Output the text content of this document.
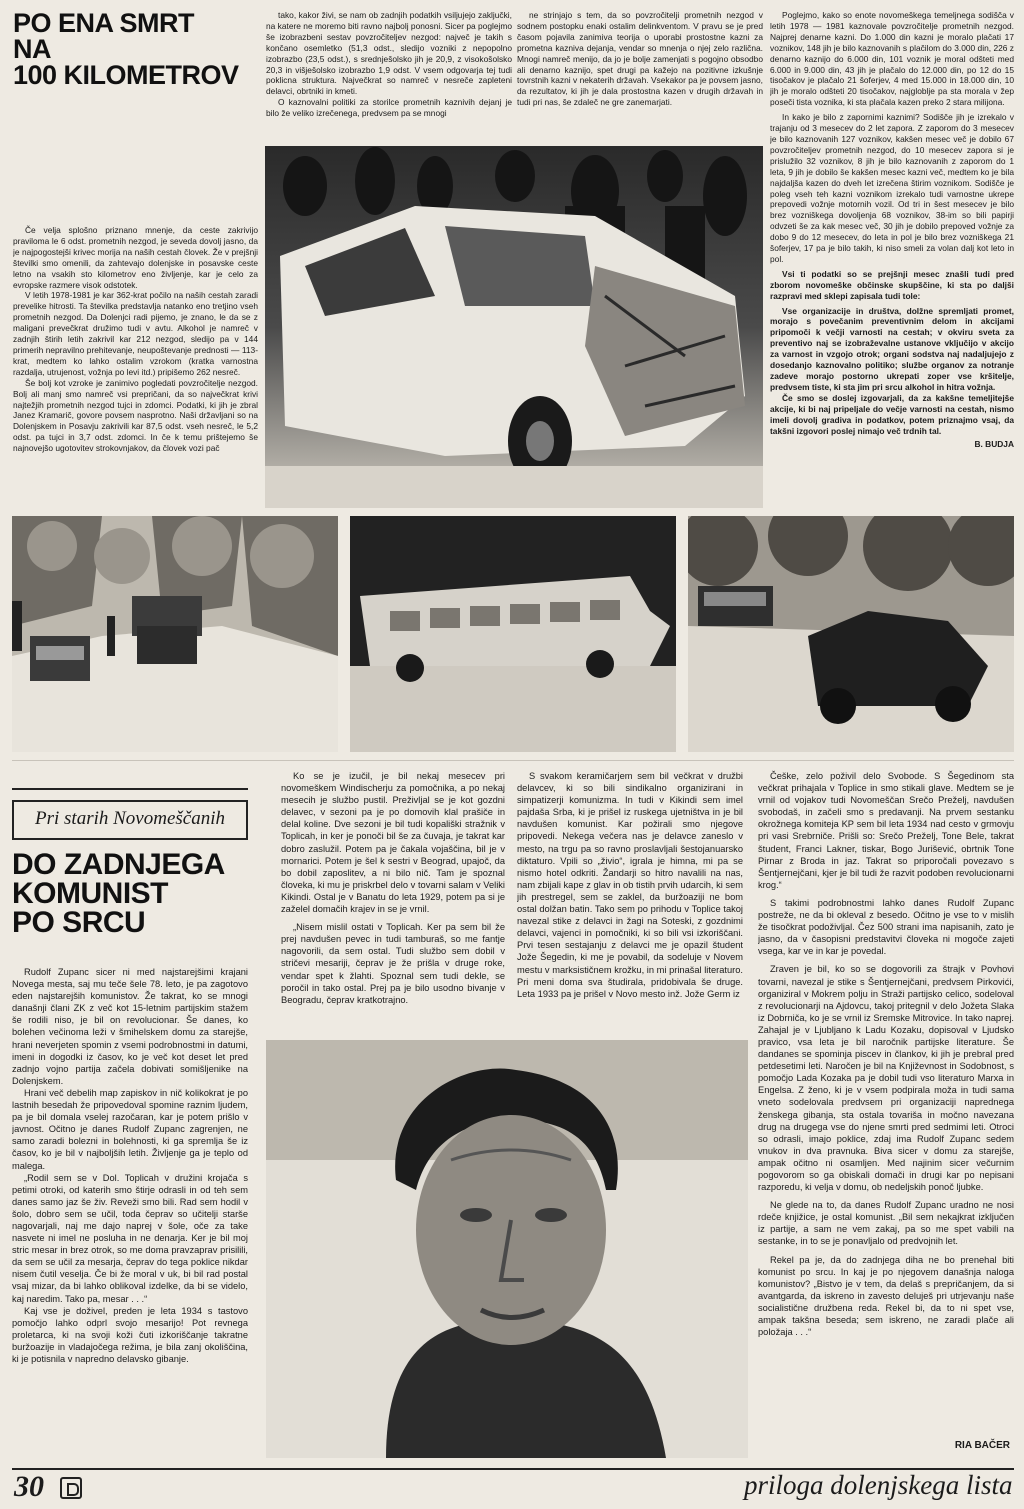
PO ENA SMRT
NA
100 KILOMETROV

tako, kakor živi, se nam ob zadnjih podatkih vsiljujejo zaključki, na katere ne moremo biti ravno najbolj ponosni. Sicer pa poglejmo še izobrazbeni sestav povzročiteljev nezgod: največ je takih s končano osemletko (51,3 odst., sledijo vozniki z nepopolno izobrazbo (23,5 odst.), s srednješolsko jih je 20,9, z visokošolsko 20,3 in višješolsko izobrazbo 1,9 odst. V vsem odgovarja tej tudi poklicna struktura. Največkrat so namreč v nesreče zapleteni delavci, obrtniki in kmeti.

O kaznovalni politiki za storilce prometnih kaznivih dejanj je bilo že veliko izrečenega, predvsem pa se mnogi

ne strinjajo s tem, da so povzročitelji prometnih nezgod v sodnem postopku enaki ostalim delinkventom. V pravu se je pred časom pojavila zanimiva teorija o uporabi prostostne kazni za prometna kazniva dejanja, vendar so mnenja o njej zelo različna. Mnogi namreč menijo, da jo je bolje zamenjati s pogojno obsodbo ali denarno kaznijo, spet drugi pa kažejo na pozitivne izkušnje tovrstnih kazni v nekaterih državah. Vsekakor pa je povsem jasno, da rezultatov, ki jih je dala prostostna kazen v drugih državah in tudi pri nas, še zdaleč ne gre zanemarjati.

Če velja splošno priznano mnenje, da ceste zakrivijo praviloma le 6 odst. prometnih nezgod, je seveda dovolj jasno, da je najpogostejši krivec morija na naših cestah človek. Že v prejšnji številki smo omenili, da zahtevajo dolenjske in posavske ceste letno na vsakih sto kilometrov eno življenje, kar je celo za evropske razmere visok odstotek.

V letih 1978-1981 je kar 362-krat počilo na naših cestah zaradi prevelike hitrosti. Ta številka predstavlja natanko eno tretjino vseh prometnih nezgod. Da Dolenjci radi pijemo, je znano, le da se z maligani prevečkrat družimo tudi v avtu. Alkohol je namreč v zadnjih štirih letih zakrivil kar 212 nezgod, sledijo pa v 144 primerih nepravilno prehitevanje, neupoštevanje prednosti — 113-krat, medtem ko lahko ostalim vzrokom (kratka varnostna razdalja, utrujenost, vožnja po levi itd.) pripišemo 262 nesreč.

Še bolj kot vzroke je zanimivo pogledati povzročitelje nezgod. Bolj ali manj smo namreč vsi prepričani, da so največkrat krivi najtežjih prometnih nezgod tujci in zdomci. Podatki, ki jih je zbral Janez Kramarič, govore povsem nasprotno. Naši državljani so na Dolenjskem in Posavju zakrivili kar 87,5 odst. vseh nesreč, le 5,2 odst. pa tujci in 3,7 odst. zdomci. In če k temu prištejemo še najnovejšo ugotovitev strokovnjakov, da človek vozi pač

Poglejmo, kako so enote novomeškega temeljnega sodišča v letih 1978 — 1981 kaznovale povzročitelje prometnih nezgod. Najprej denarne kazni. Do 1.000 din kazni je moralo plačati 17 voznikov, 148 jih je bilo kaznovanih s plačilom do 3.000 din, 226 z denarno kaznijo do 6.000 din, 101 voznik je moral odšteti med 6.000 in 9.000 din, 43 jih je plačalo do 12.000 din, po 12 do 15 tisočakov je plačalo 21 šoferjev, 4 med 15.000 in 18.000 din, 10 jih je moralo odšteti 20 tisočakov, najgloblje pa sta morala v žep poseči tista voznika, ki sta plačala kazen preko 2 stara milijona.

In kako je bilo z zapornimi kaznimi? Sodišče jih je izrekalo v trajanju od 3 mesecev do 2 let zapora. Z zaporom do 3 mesecev je bilo kaznovanih 127 voznikov, kakšen mesec več je dobilo 67 povzročiteljev prometnih nezgod, do 10 mesecev zapora si je prislužilo 32 voznikov, 8 jih je bilo kaznovanih z zaporom do 1 leta, 9 jih je dobilo še kakšen mesec kazni več, medtem ko je bila najdaljša kazen do dveh let izrečena štirim voznikom. Sodišče je poleg vseh teh kazni voznikom izrekalo tudi varnostne ukrepe prepovedi vožnje motornih vozil. Od tri in šest mesecev je bilo brez vozniškega dovoljenja 68 voznikov, 38-im so bili papirji odvzeti še za kak mesec več, 30 jih je dobilo prepoved vožnje za dobo 9 do 12 mesecev, do leta in pol je bilo brez vozniškega 21 šoferjev, 17 pa je bilo takih, ki niso smeli za volan dalj kot leto in pol.

Vsi ti podatki so se prejšnji mesec znašli tudi pred zborom novomeške občinske skupščine, ki sta po daljši razpravi med sklepi zapisala tudi tole:

Vse organizacije in društva, dolžne spremljati promet, morajo s povečanim preventivnim delom in akcijami pripomoči k večji varnosti na cestah; v okviru sveta za preventivo naj se izobraževalne ustanove vključijo v akcijo za varnost in vzgojo otrok; organi sodstva naj nadaljujejo z dosedanjo kaznovalno politiko; službe organov za notranje zadeve morajo postorno ukrepati zoper vse kršitelje, predvsem tiste, ki sta jim pri srcu alkohol in hitra vožnja.

Če smo se doslej izgovarjali, da za kakšne temeljitejše akcije, ki bi naj pripeljale do večje varnosti na cestah, nismo imeli dovolj gradiva in podatkov, potem priznajmo vsaj, da takšni izgovori poslej nimajo več trdnih tal.

B. BUDJA

Pri starih Novomeščanih
DO ZADNJEGA
KOMUNIST
PO SRCU

Rudolf Zupanc sicer ni med najstarejšimi krajani Novega mesta, saj mu teče šele 78. leto, je pa zagotovo eden najstarejših komunistov. Že takrat, ko se mnogi današnji člani ZK z več kot 15-letnim partijskim stažem še rodili niso, je bil on revolucionar. Še danes, ko bolehen večinoma leži v šmihelskem domu za starejše, hrani neverjeten spomin z vsemi podrobnostmi in datumi, imeni in dogodki iz časov, ko je več kot deset let pred zadnjo vojno partija začela dobivati somišljenike na Dolenjskem.

Hrani več debelih map zapiskov in nič kolikokrat je po lastnih besedah že pripovedoval spomine raznim ljudem, pa je bil domala vselej razočaran, kar je potem prišlo v javnost. Očitno je danes Rudolf Zupanc zagrenjen, ne samo zaradi bolezni in bolehnosti, ki ga spremlja še iz časov, ko je bil v najboljših letih. Življenje ga je teplo od malega.

„Rodil sem se v Dol. Toplicah v družini krojača s petimi otroki, od katerih smo štirje odrasli in od teh sem danes samo jaz še živ. Reveži smo bili. Rad sem hodil v šolo, dobro sem se učil, toda čeprav so učitelji starše nagovarjali, naj me dajo naprej v šole, oče za take nasvete ni imel ne posluha in ne denarja. Ker je bil moj stric mesar in brez otrok, so me doma pravzaprav prisilili, da sem se učil za mesarja, čeprav do tega poklice nikdar nisem čutil veselja. Če bi že moral v uk, bi bil rad postal vsaj mizar, da bi lahko oblikoval izdelke, da bi se videlo, kaj naredim. Tako pa, mesar . . .“

Kaj vse je doživel, preden je leta 1934 s tastovo pomočjo lahko odprl svojo mesarijo! Pot revnega proletarca, ki na svoji koži čuti izkoriščanje takratne buržoazije in vladajočega režima, je bila zanj okoliščina, ki je potisnila v napredno delavsko gibanje.

Ko se je izučil, je bil nekaj mesecev pri novomeškem Windischerju za pomočnika, a po nekaj mesecih je službo pustil. Preživljal se je kot gozdni delavec, v sezoni pa je po domovih klal prašiče in delal koline. Dve sezoni je bil tudi kopališki stražnik v Toplicah, in ker je ponoči bil še za čuvaja, je takrat kar dobro zaslužil. Potem pa je čakala vojaščina, bil je v mornarici. Potem je šel k sestri v Beograd, upajoč, da bo dobil zaposlitev, a ni bilo nič. Tam je spoznal človeka, ki mu je priskrbel delo v tovarni salam v Veliki Kikindi. Ostal je v Banatu do leta 1929, potem pa si je zaželel domačih krajev in se je vrnil.

„Nisem mislil ostati v Toplicah. Ker pa sem bil že prej navdušen pevec in tudi tamburaš, so me fantje nagovorili, da sem ostal. Tudi službo sem dobil v stričevi mesariji, čeprav je že prišla v druge roke, vendar spet k žlahti. Spoznal sem tudi dekle, se poročil in tako ostal. Prej pa je bilo usodno bivanje v Beogradu, čeprav kratkotrajno.

S svakom keramičarjem sem bil večkrat v družbi delavcev, ki so bili sindikalno organizirani in simpatizerji komunizma. In tudi v Kikindi sem imel pajdaša Srba, ki je prišel iz ruskega ujetništva in je bil navdušen komunist. Kar požirali smo njegove pripovedi. Nekega večera nas je delavce zaneslo v mesto, na trgu pa so ravno proslavljali šestojanuarsko diktaturo. Vpili so „živio“, igrala je himna, mi pa se nismo hotel odkriti. Žandarji so hitro navalili na nas, nam zbijali kape z glav in ob tistih prvih udarcih, ki sem jih prestregel, sem se zaklel, da buržoaziji ne bom ostal dolžan batin. Tako sem po prihodu v Toplice takoj navezal stike z delavci in žagi na Soteski, z gozdnimi delavci, vajenci in pomočniki, ki so bili vsi izkoriščani. Prvi tesen sestajanju z delavci me je opazil študent Jože Šegedin, ki me je povabil, da sodeluje v Novem mestu v marksističnem krožku, in mi prinašal literaturo. Pri meni doma sva študirala, pridobivala še druge. Leta 1933 pa je prišel v Novo mesto inž. Jože Germ iz

Češke, zelo poživil delo Svobode. S Šegedinom sta večkrat prihajala v Toplice in smo stikali glave. Medtem se je vrnil od vojakov tudi Novomeščan Srečo Preželj, navdušen svobodaš, in začeli smo s predavanji. Na prvem sestanku okrožnega komiteja KP sem bil leta 1934 nad cesto v grmovju pri vasi Srebrniče. Prišli so: Srečo Preželj, Tone Bele, takrat študent, Franci Lakner, tiskar, Bogo Jurišević, obrtnik Tone Pirnar z Broda in jaz. Takrat so priporočali povezavo s Šentjernejčani, kjer je bil tudi že razvit podoben revolucionarni krog.“

S takimi podrobnostmi lahko danes Rudolf Zupanc postreže, ne da bi okleval z besedo. Očitno je vse to v mislih že tisočkrat podoživljal. Čez 500 strani ima napisanih, zato je jasno, da v časopisni predstavitvi človeka ni mogoče zajeti vsega, kar ve in kar je povedal.

Zraven je bil, ko so se dogovorili za štrajk v Povhovi tovarni, navezal je stike s Šentjernejčani, predvsem Pirkovići, organiziral v Mokrem polju in Straži partijsko celico, sodeloval z revolucionarji na Ajdovcu, takoj pritegnil v delo Jožeta Slaka iz Dobrniča, ko je se vrnil iz Sremske Mitrovice. In tako naprej. Zahajal je v Ljubljano k Ladu Kozaku, dopisoval v Ljudsko pravico, vsa leta je bil naročnik partijske literature. Še dandanes se spominja piscev in člankov, ki jih je prebral pred petdesetimi leti. Naročen je bil na Književnost in Sodobnost, s pomočjo Lada Kozaka pa je dobil tudi vso literaturo Marxa in Engelsa. Z ženo, ki je v vsem podpirala moža in tudi sama vneto sodelovala predvsem pri organizaciji naprednega ženskega gibanja, sta ostala tovariša in močno navezana drug na drugega vse do njene smrti pred sedmimi leti. Otroci so odrasli, imajo poklice, zdaj ima Rudolf Zupanc sedem vnukov in dva pravnuka. Biva sicer v domu za starejše, ampak očitno ni osamljen. Med najinim sicer večurnim pogovorom so ga obiskali domači in drugi kar po nepisani razporedu, ki velja v domu, ob nedeljskih ponoč ljubke.

Ne glede na to, da danes Rudolf Zupanc uradno ne nosi rdeče knjižice, je ostal komunist. „Bil sem nekajkrat izključen iz partije, a sam ne vem zakaj, pa so me spet vabili na sestanke, in to se je ponavljalo od predvojnih let.

Rekel pa je, da do zadnjega diha ne bo prenehal biti komunist po srcu. In kaj je po njegovem današnja naloga komunistov? „Bistvo je v tem, da delaš s prepričanjem, da si avantgarda, da iskreno in zavesto deluješ pri utrjevanju naše socialistične družbena reda. Rekel bi, da to ni spet vse, ampak takšna beseda; sem iskreno, ne zaradi plače ali položaja . . .“

RIA BAČER
30	priloga dolenjskega lista
